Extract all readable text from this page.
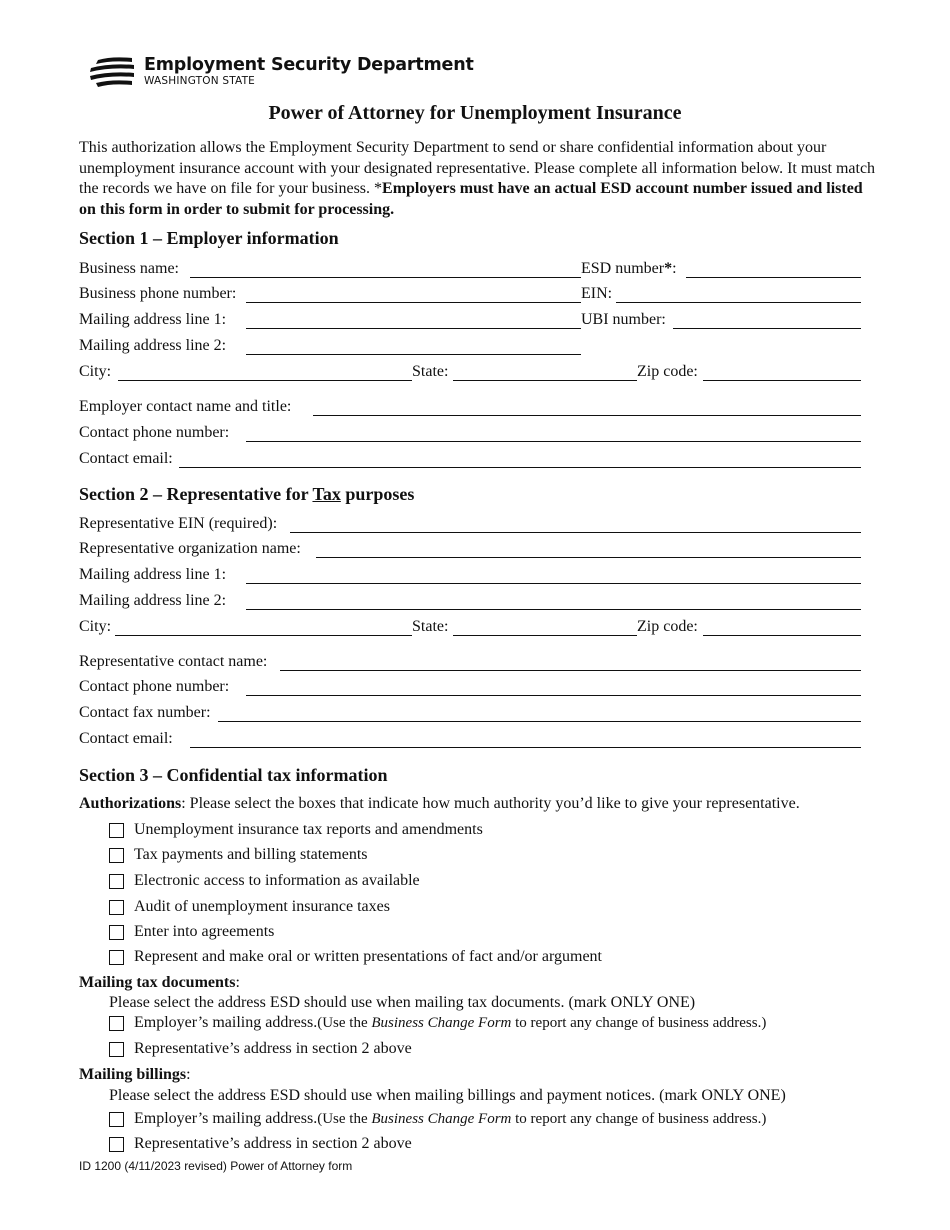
Employment Security Department
WASHINGTON STATE
Power of Attorney for Unemployment Insurance
This authorization allows the Employment Security Department to send or share confidential information about your unemployment insurance account with your designated representative. Please complete all information below. It must match the records we have on file for your business. *Employers must have an actual ESD account number issued and listed on this form in order to submit for processing.
Section 1 – Employer information
Business name:	ESD number*:
Business phone number:	EIN:
Mailing address line 1:	UBI number:
Mailing address line 2:
City:	State:	Zip code:
Employer contact name and title:
Contact phone number:
Contact email:
Section 2 – Representative for Tax purposes
Representative EIN (required):
Representative organization name:
Mailing address line 1:
Mailing address line 2:
City:	State:	Zip code:
Representative contact name:
Contact phone number:
Contact fax number:
Contact email:
Section 3 – Confidential tax information
Authorizations: Please select the boxes that indicate how much authority you’d like to give your representative.
Unemployment insurance tax reports and amendments
Tax payments and billing statements
Electronic access to information as available
Audit of unemployment insurance taxes
Enter into agreements
Represent and make oral or written presentations of fact and/or argument
Mailing tax documents:
Please select the address ESD should use when mailing tax documents. (mark ONLY ONE)
Employer’s mailing address. (Use the Business Change Form to report any change of business address.)
Representative’s address in section 2 above
Mailing billings:
Please select the address ESD should use when mailing billings and payment notices. (mark ONLY ONE)
Employer’s mailing address. (Use the Business Change Form to report any change of business address.)
Representative’s address in section 2 above
ID 1200 (4/11/2023 revised) Power of Attorney form
